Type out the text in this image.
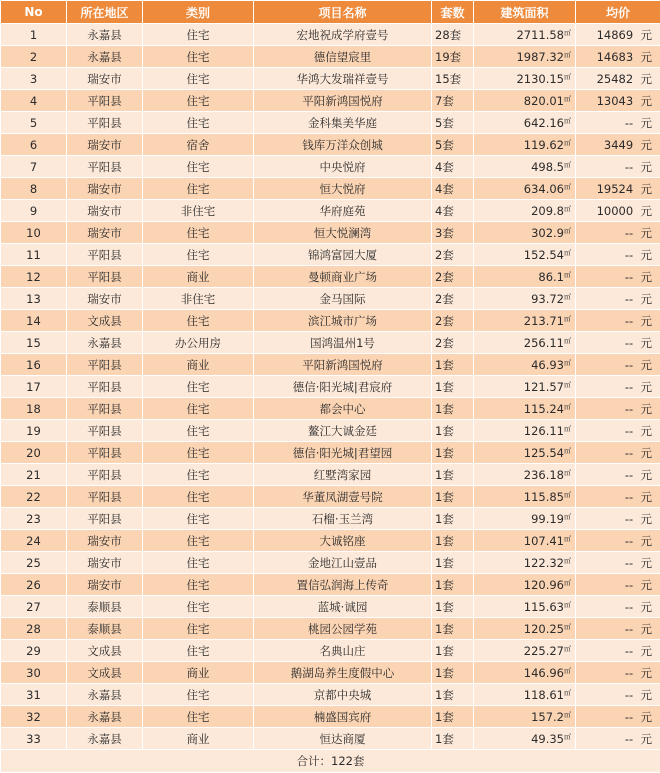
No	所在地区	类别	项目名称	套数	建筑面积	均价
1	永嘉县	住宅	宏地祝成学府壹号	28套	2711.58㎡	14869 元
2	永嘉县	住宅	德信望宸里	19套	1987.32㎡	14683 元
3	瑞安市	住宅	华鸿大发瑞祥壹号	15套	2130.15㎡	25482 元
4	平阳县	住宅	平阳新鸿国悦府	7套	820.01㎡	13043 元
5	平阳县	住宅	金科集美华庭	5套	642.16㎡	-- 元
6	瑞安市	宿舍	钱库万洋众创城	5套	119.62㎡	3449 元
7	平阳县	住宅	中央悦府	4套	498.5㎡	-- 元
8	瑞安市	住宅	恒大悦府	4套	634.06㎡	19524 元
9	瑞安市	非住宅	华府庭苑	4套	209.8㎡	10000 元
10	瑞安市	住宅	恒大悦澜湾	3套	302.9㎡	-- 元
11	平阳县	住宅	锦鸿富园大厦	2套	152.54㎡	-- 元
12	平阳县	商业	曼顿商业广场	2套	86.1㎡	-- 元
13	瑞安市	非住宅	金马国际	2套	93.72㎡	-- 元
14	文成县	住宅	滨江城市广场	2套	213.71㎡	-- 元
15	永嘉县	办公用房	国鸿温州1号	2套	256.11㎡	-- 元
16	平阳县	商业	平阳新鸿国悦府	1套	46.93㎡	-- 元
17	平阳县	住宅	德信·阳光城|君宸府	1套	121.57㎡	-- 元
18	平阳县	住宅	都会中心	1套	115.24㎡	-- 元
19	平阳县	住宅	鳌江大诚金廷	1套	126.11㎡	-- 元
20	平阳县	住宅	德信·阳光城|君望园	1套	125.54㎡	-- 元
21	平阳县	住宅	红墅湾家园	1套	236.18㎡	-- 元
22	平阳县	住宅	华董凤湖壹号院	1套	115.85㎡	-- 元
23	平阳县	住宅	石榴·玉兰湾	1套	99.19㎡	-- 元
24	瑞安市	住宅	大诚铭座	1套	107.41㎡	-- 元
25	瑞安市	住宅	金地江山壹品	1套	122.32㎡	-- 元
26	瑞安市	住宅	置信弘润海上传奇	1套	120.96㎡	-- 元
27	泰顺县	住宅	蓝城·诚园	1套	115.63㎡	-- 元
28	泰顺县	住宅	桃园公园学苑	1套	120.25㎡	-- 元
29	文成县	住宅	名典山庄	1套	225.27㎡	-- 元
30	文成县	商业	鹅湖岛养生度假中心	1套	146.96㎡	-- 元
31	永嘉县	住宅	京都中央城	1套	118.61㎡	-- 元
32	永嘉县	住宅	楠盛国宾府	1套	157.2㎡	-- 元
33	永嘉县	商业	恒达商厦	1套	49.35㎡	-- 元
合计：122套						
